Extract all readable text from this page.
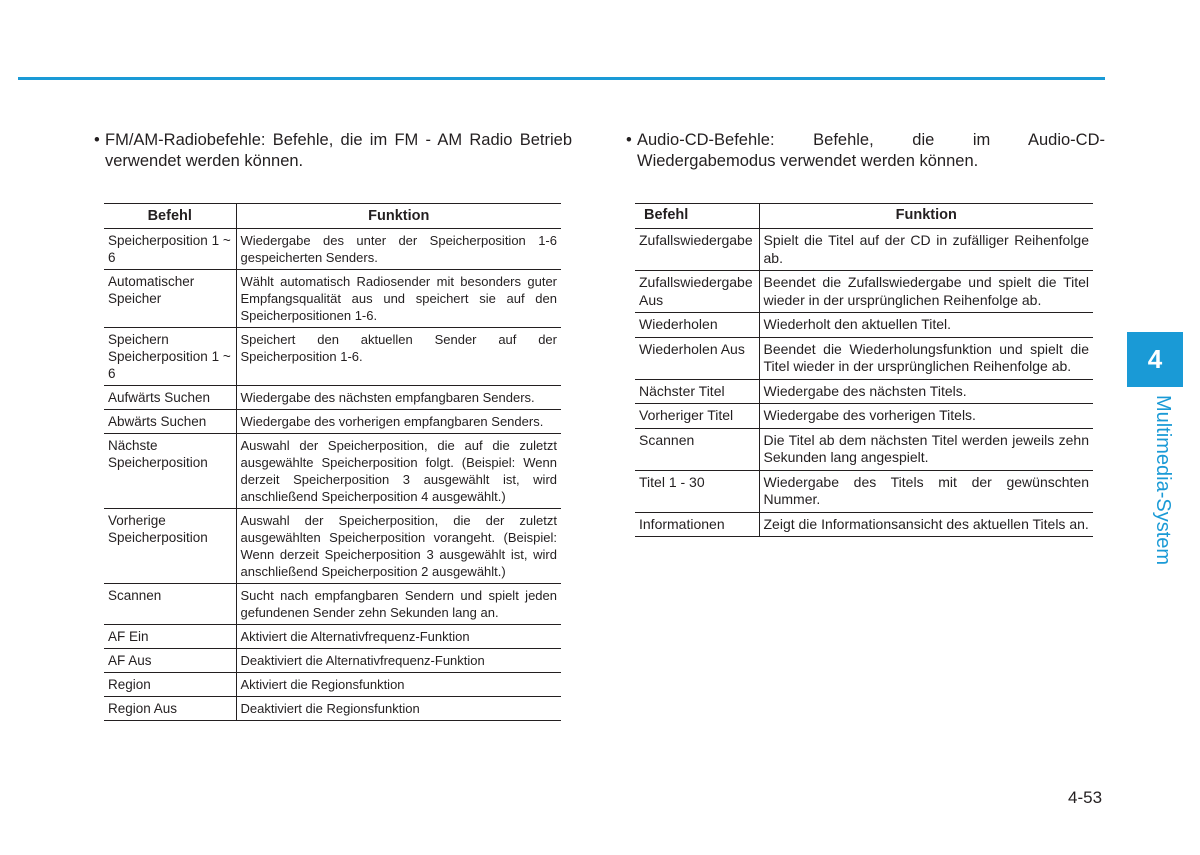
4
Multimedia-System
• FM/AM-Radiobefehle: Befehle, die im FM - AM Radio Betrieb verwendet werden können.
• Audio-CD-Befehle: Befehle, die im Audio-CD-Wiedergabemodus verwendet werden können.
Befehl	Funktion
Speicherposition 1 ~ 6	Wiedergabe des unter der Speicherposition 1-6 gespeicherten Senders.
Automatischer Speicher	Wählt automatisch Radiosender mit besonders guter Empfangsqualität aus und speichert sie auf den Speicherpositionen 1-6.
Speichern Speicherposition 1 ~ 6	Speichert den aktuellen Sender auf der Speicherposition 1-6.
Aufwärts Suchen	Wiedergabe des nächsten empfangbaren Senders.
Abwärts Suchen	Wiedergabe des vorherigen empfangbaren Senders.
Nächste Speicherposition	Auswahl der Speicherposition, die auf die zuletzt ausgewählte Speicherposition folgt. (Beispiel: Wenn derzeit Speicherposition 3 ausgewählt ist, wird anschließend Speicherposition 4 ausgewählt.)
Vorherige Speicherposition	Auswahl der Speicherposition, die der zuletzt ausgewählten Speicherposition vorangeht. (Beispiel: Wenn derzeit Speicherposition 3 ausgewählt ist, wird anschließend Speicherposition 2 ausgewählt.)
Scannen	Sucht nach empfangbaren Sendern und spielt jeden gefundenen Sender zehn Sekunden lang an.
AF Ein	Aktiviert die Alternativfrequenz-Funktion
AF Aus	Deaktiviert die Alternativfrequenz-Funktion
Region	Aktiviert die Regionsfunktion
Region Aus	Deaktiviert die Regionsfunktion
Befehl	Funktion
Zufallswiedergabe	Spielt die Titel auf der CD in zufälliger Reihenfolge ab.
Zufallswiedergabe Aus	Beendet die Zufallswiedergabe und spielt die Titel wieder in der ursprünglichen Reihenfolge ab.
Wiederholen	Wiederholt den aktuellen Titel.
Wiederholen Aus	Beendet die Wiederholungsfunktion und spielt die Titel wieder in der ursprünglichen Reihenfolge ab.
Nächster Titel	Wiedergabe des nächsten Titels.
Vorheriger Titel	Wiedergabe des vorherigen Titels.
Scannen	Die Titel ab dem nächsten Titel werden jeweils zehn Sekunden lang angespielt.
Titel 1 - 30	Wiedergabe des Titels mit der gewünschten Nummer.
Informationen	Zeigt die Informationsansicht des aktuellen Titels an.
4-53
